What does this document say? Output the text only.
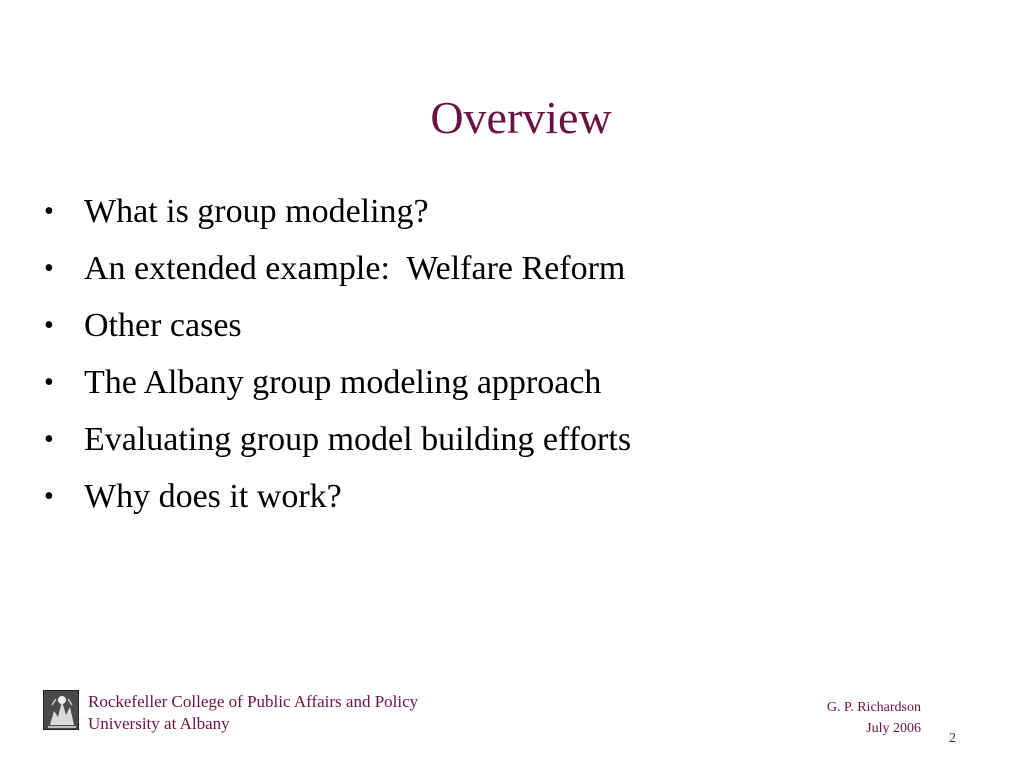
Overview

•

What is group modeling?

•

An extended example:  Welfare Reform

•

Other cases

•

The Albany group modeling approach

•

Evaluating group model building efforts

•

Why does it work?

Rockefeller College of Public Affairs and Policy
University at Albany
G. P. Richardson
July 2006
2
